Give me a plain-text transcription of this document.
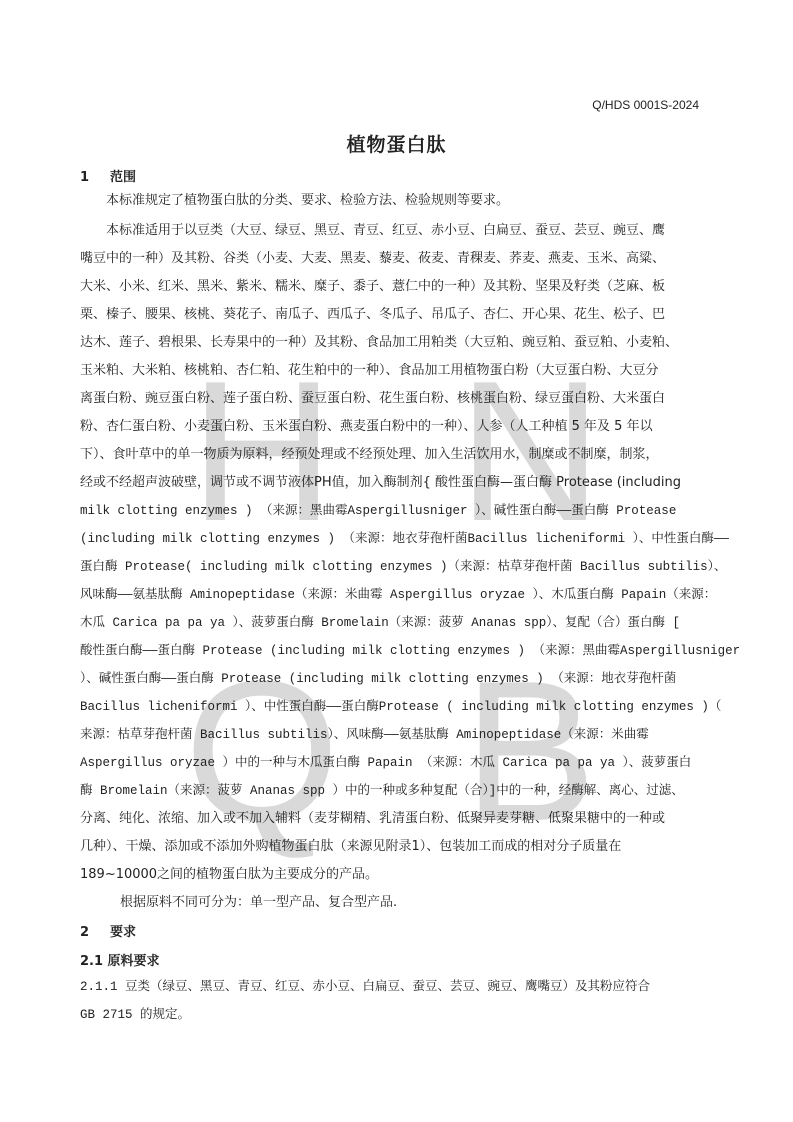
H N
Q B
Q/HDS 0001S-2024
植物蛋白肽
1 范围
本标准规定了植物蛋白肽的分类、要求、检验方法、检验规则等要求。
本标准适用于以豆类（大豆、绿豆、黑豆、青豆、红豆、赤小豆、白扁豆、蚕豆、芸豆、豌豆、鹰
嘴豆中的一种）及其粉、谷类（小麦、大麦、黑麦、藜麦、莜麦、青稞麦、荞麦、燕麦、玉米、高粱、
大米、小米、红米、黑米、紫米、糯米、糜子、黍子、薏仁中的一种）及其粉、坚果及籽类（芝麻、板
栗、榛子、腰果、核桃、葵花子、南瓜子、西瓜子、冬瓜子、吊瓜子、杏仁、开心果、花生、松子、巴
达木、莲子、碧根果、长寿果中的一种）及其粉、食品加工用粕类（大豆粕、豌豆粕、蚕豆粕、小麦粕、
玉米粕、大米粕、核桃粕、杏仁粕、花生粕中的一种）、食品加工用植物蛋白粉（大豆蛋白粉、大豆分
离蛋白粉、豌豆蛋白粉、莲子蛋白粉、蚕豆蛋白粉、花生蛋白粉、核桃蛋白粉、绿豆蛋白粉、大米蛋白
粉、杏仁蛋白粉、小麦蛋白粉、玉米蛋白粉、燕麦蛋白粉中的一种）、人参（人工种植 5 年及 5 年以
下）、食叶草中的单一物质为原料，经预处理或不经预处理、加入生活饮用水，制糜或不制糜，制浆，
经或不经超声波破壁，调节或不调节液体PH值，加入酶制剂{ 酸性蛋白酶—蛋白酶 Protease (including
milk clotting enzymes ) （来源：黑曲霉Aspergillusniger ）、碱性蛋白酶——蛋白酶 Protease
(including milk clotting enzymes ) （来源：地衣芽孢杆菌Bacillus licheniformi ）、中性蛋白酶——
蛋白酶 Protease( including milk clotting enzymes )（来源：枯草芽孢杆菌 Bacillus subtilis）、
风味酶——氨基肽酶 Aminopeptidase（来源：米曲霉 Aspergillus oryzae ）、木瓜蛋白酶 Papain（来源：
木瓜 Carica pa pa ya ）、菠萝蛋白酶 Bromelain（来源：菠萝 Ananas spp）、复配（合）蛋白酶 [
酸性蛋白酶——蛋白酶 Protease (including milk clotting enzymes ) （来源：黑曲霉Aspergillusniger
）、碱性蛋白酶——蛋白酶 Protease (including milk clotting enzymes ) （来源：地衣芽孢杆菌
Bacillus licheniformi ）、中性蛋白酶——蛋白酶Protease ( including milk clotting enzymes )（
来源：枯草芽孢杆菌 Bacillus subtilis）、风味酶——氨基肽酶 Aminopeptidase（来源：米曲霉
Aspergillus oryzae ）中的一种与木瓜蛋白酶 Papain （来源：木瓜 Carica pa pa ya ）、菠萝蛋白
酶 Bromelain（来源：菠萝 Ananas spp ）中的一种或多种复配（合）]中的一种，经酶解、离心、过滤、
分离、纯化、浓缩、加入或不加入辅料（麦芽糊精、乳清蛋白粉、低聚异麦芽糖、低聚果糖中的一种或
几种）、干燥、添加或不添加外购植物蛋白肽（来源见附录1）、包装加工而成的相对分子质量在
189~10000之间的植物蛋白肽为主要成分的产品。
根据原料不同可分为：单一型产品、复合型产品.
2 要求
2.1 原料要求
2.1.1 豆类（绿豆、黑豆、青豆、红豆、赤小豆、白扁豆、蚕豆、芸豆、豌豆、鹰嘴豆）及其粉应符合
GB 2715 的规定。
